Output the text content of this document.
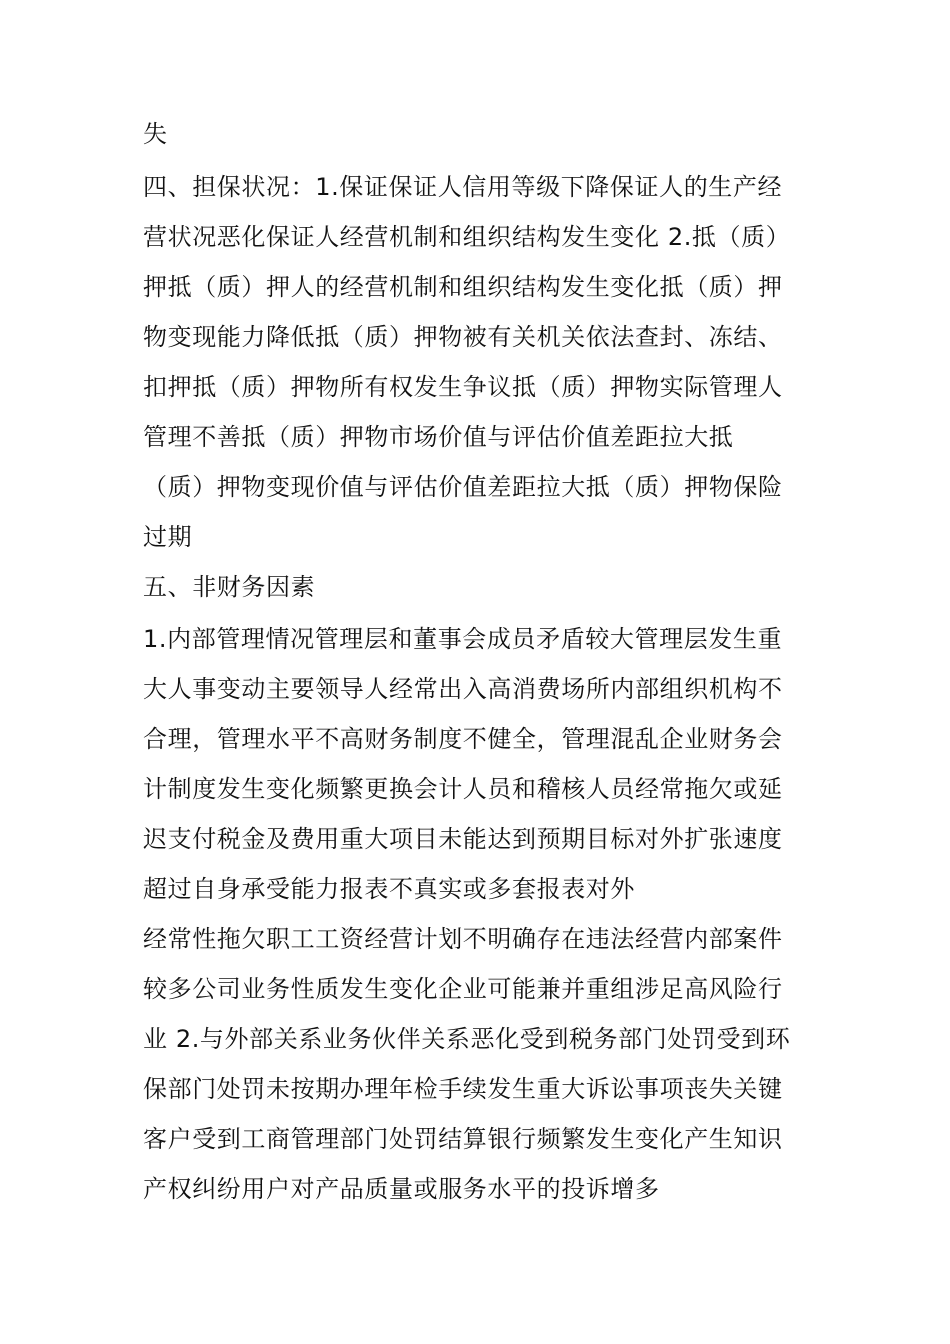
失
四、担保状况：1.保证保证人信用等级下降保证人的生产经
营状况恶化保证人经营机制和组织结构发生变化 2.抵（质）
押抵（质）押人的经营机制和组织结构发生变化抵（质）押
物变现能力降低抵（质）押物被有关机关依法查封、冻结、
扣押抵（质）押物所有权发生争议抵（质）押物实际管理人
管理不善抵（质）押物市场价值与评估价值差距拉大抵
（质）押物变现价值与评估价值差距拉大抵（质）押物保险
过期
五、非财务因素
1.内部管理情况管理层和董事会成员矛盾较大管理层发生重
大人事变动主要领导人经常出入高消费场所内部组织机构不
合理，管理水平不高财务制度不健全，管理混乱企业财务会
计制度发生变化频繁更换会计人员和稽核人员经常拖欠或延
迟支付税金及费用重大项目未能达到预期目标对外扩张速度
超过自身承受能力报表不真实或多套报表对外
经常性拖欠职工工资经营计划不明确存在违法经营内部案件
较多公司业务性质发生变化企业可能兼并重组涉足高风险行
业 2.与外部关系业务伙伴关系恶化受到税务部门处罚受到环
保部门处罚未按期办理年检手续发生重大诉讼事项丧失关键
客户受到工商管理部门处罚结算银行频繁发生变化产生知识
产权纠纷用户对产品质量或服务水平的投诉增多
